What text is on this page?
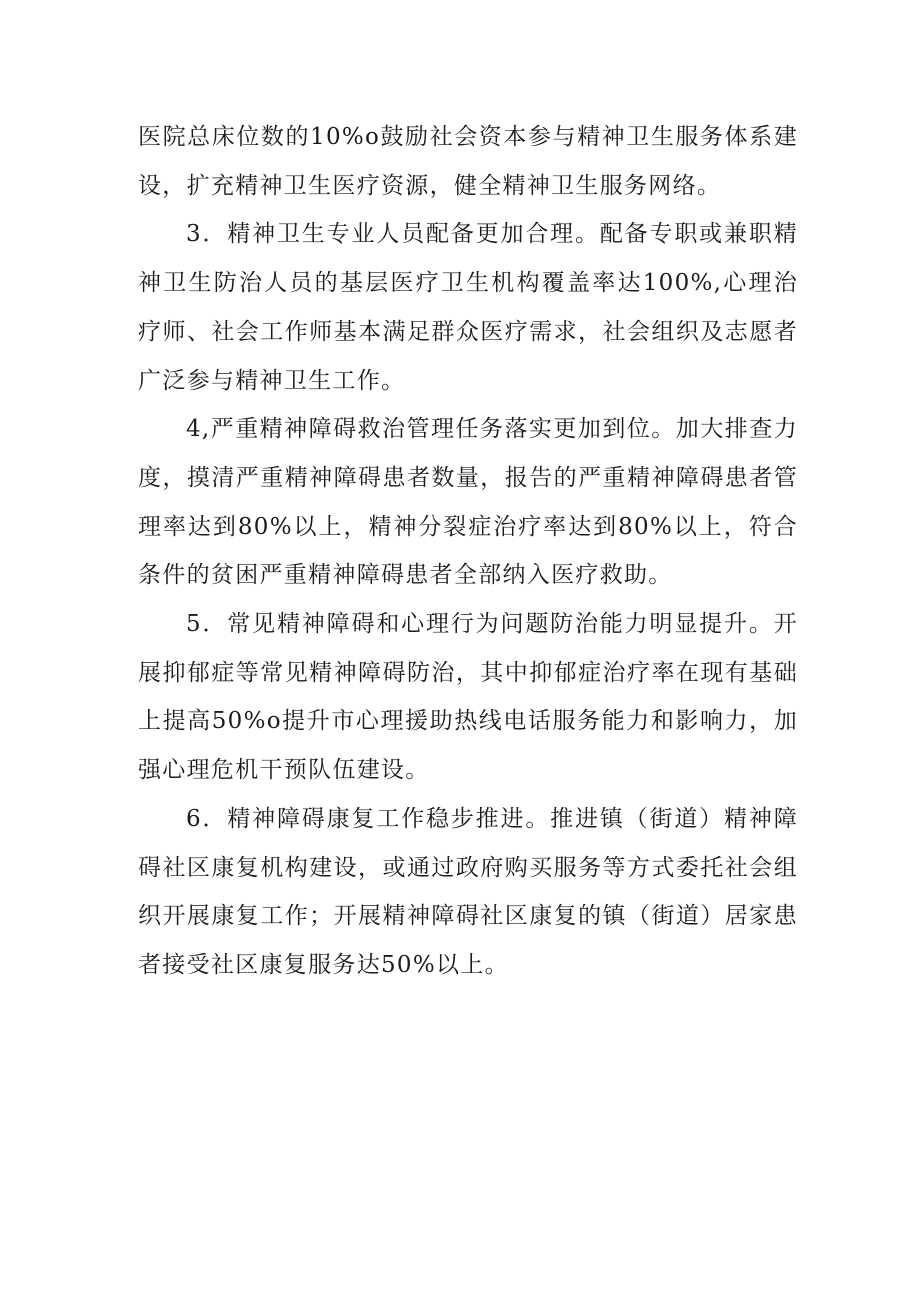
医院总床位数的10%o鼓励社会资本参与精神卫生服务体系建设，扩充精神卫生医疗资源，健全精神卫生服务网络。

3．精神卫生专业人员配备更加合理。配备专职或兼职精神卫生防治人员的基层医疗卫生机构覆盖率达100%,心理治疗师、社会工作师基本满足群众医疗需求，社会组织及志愿者广泛参与精神卫生工作。

4,严重精神障碍救治管理任务落实更加到位。加大排查力度，摸清严重精神障碍患者数量，报告的严重精神障碍患者管理率达到80%以上，精神分裂症治疗率达到80%以上，符合条件的贫困严重精神障碍患者全部纳入医疗救助。

5．常见精神障碍和心理行为问题防治能力明显提升。开展抑郁症等常见精神障碍防治，其中抑郁症治疗率在现有基础上提高50%o提升市心理援助热线电话服务能力和影响力，加强心理危机干预队伍建设。

6．精神障碍康复工作稳步推进。推进镇（街道）精神障碍社区康复机构建设，或通过政府购买服务等方式委托社会组织开展康复工作；开展精神障碍社区康复的镇（街道）居家患者接受社区康复服务达50%以上。
